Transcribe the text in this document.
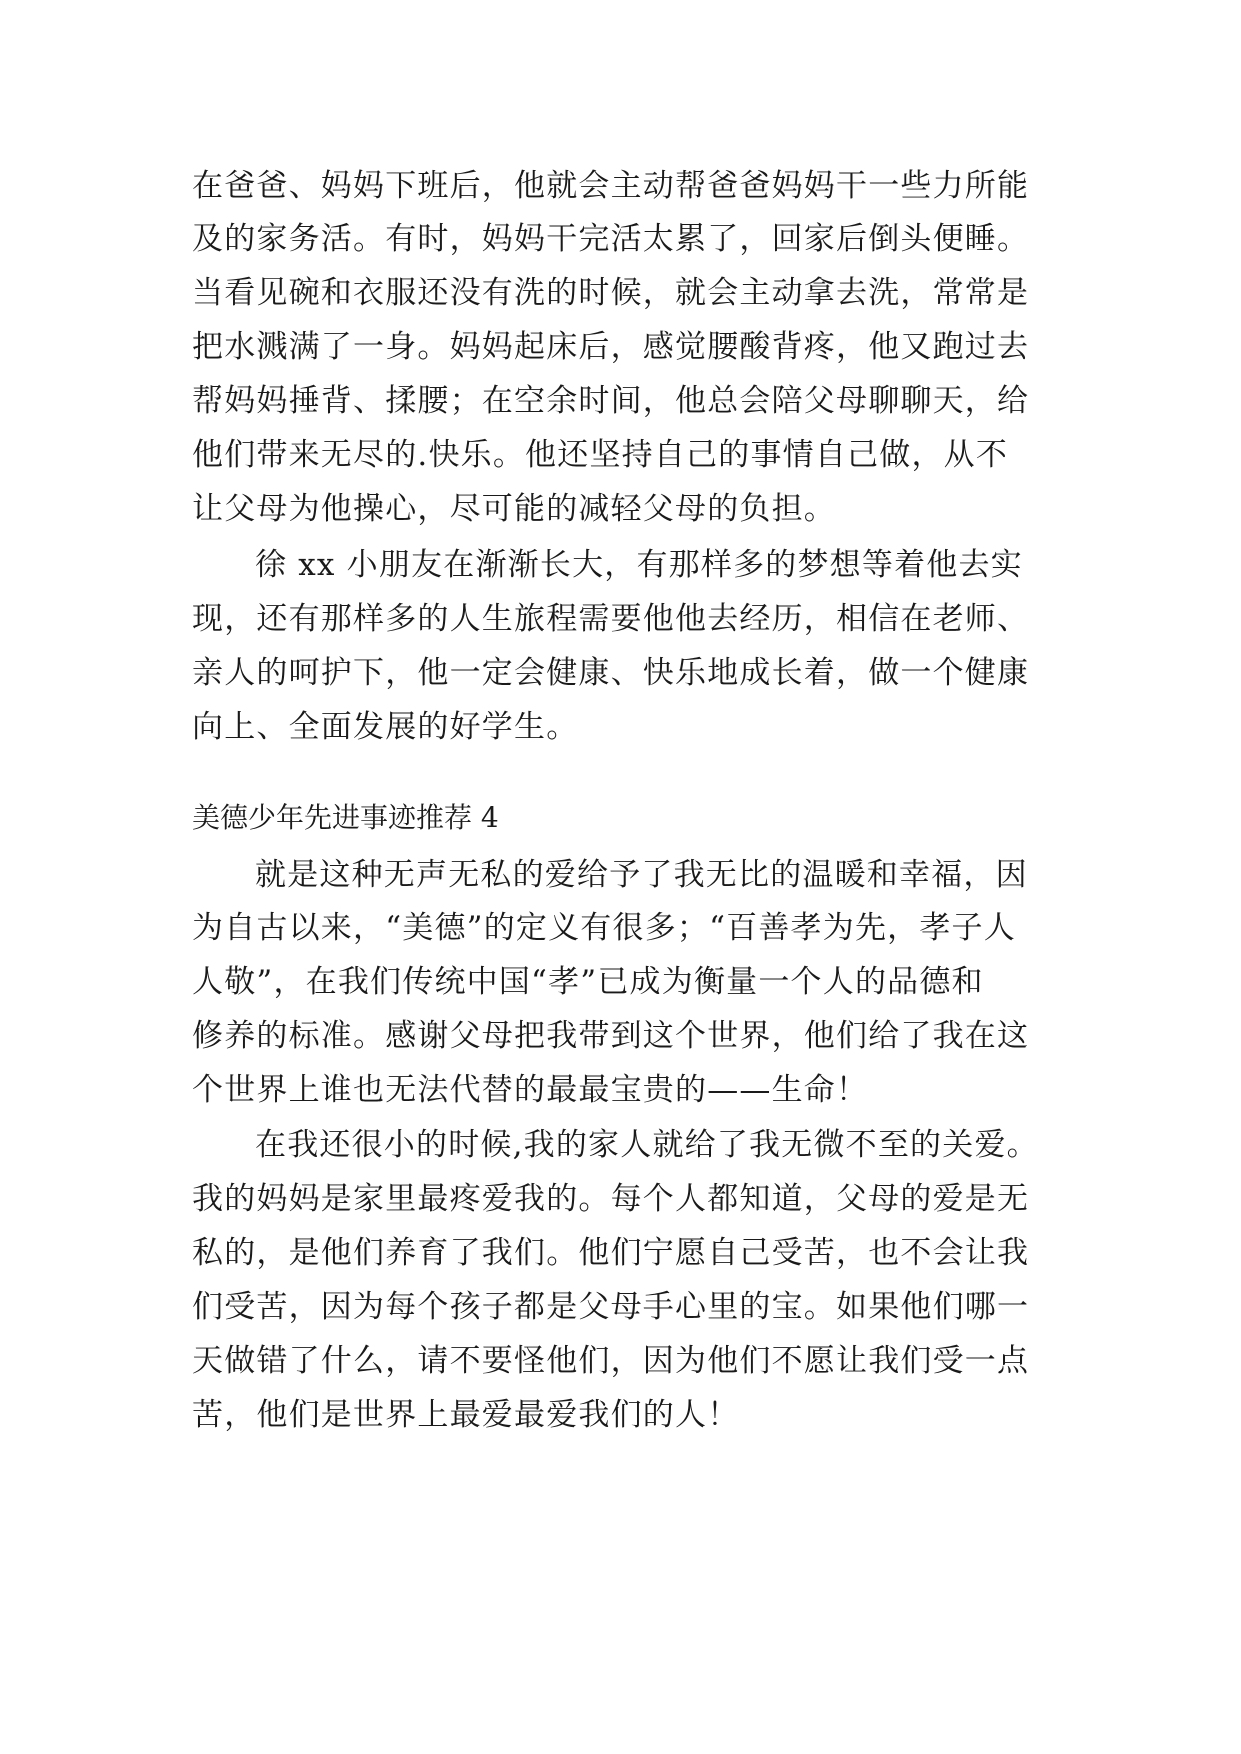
在爸爸、妈妈下班后，他就会主动帮爸爸妈妈干一些力所能
及的家务活。有时，妈妈干完活太累了，回家后倒头便睡。
当看见碗和衣服还没有洗的时候，就会主动拿去洗，常常是
把水溅满了一身。妈妈起床后，感觉腰酸背疼，他又跑过去
帮妈妈捶背、揉腰；在空余时间，他总会陪父母聊聊天，给
他们带来无尽的.快乐。他还坚持自己的事情自己做，从不
让父母为他操心，尽可能的减轻父母的负担。
徐 xx 小朋友在渐渐长大，有那样多的梦想等着他去实
现，还有那样多的人生旅程需要他他去经历，相信在老师、
亲人的呵护下，他一定会健康、快乐地成长着，做一个健康
向上、全面发展的好学生。
美德少年先进事迹推荐 4
就是这种无声无私的爱给予了我无比的温暖和幸福，因
为自古以来，“美德”的定义有很多；“百善孝为先，孝子人
人敬”，在我们传统中国“孝”已成为衡量一个人的品德和
修养的标准。感谢父母把我带到这个世界，他们给了我在这
个世界上谁也无法代替的最最宝贵的——生命！
在我还很小的时候,我的家人就给了我无微不至的关爱。
我的妈妈是家里最疼爱我的。每个人都知道，父母的爱是无
私的，是他们养育了我们。他们宁愿自己受苦，也不会让我
们受苦，因为每个孩子都是父母手心里的宝。如果他们哪一
天做错了什么，请不要怪他们，因为他们不愿让我们受一点
苦，他们是世界上最爱最爱我们的人！
